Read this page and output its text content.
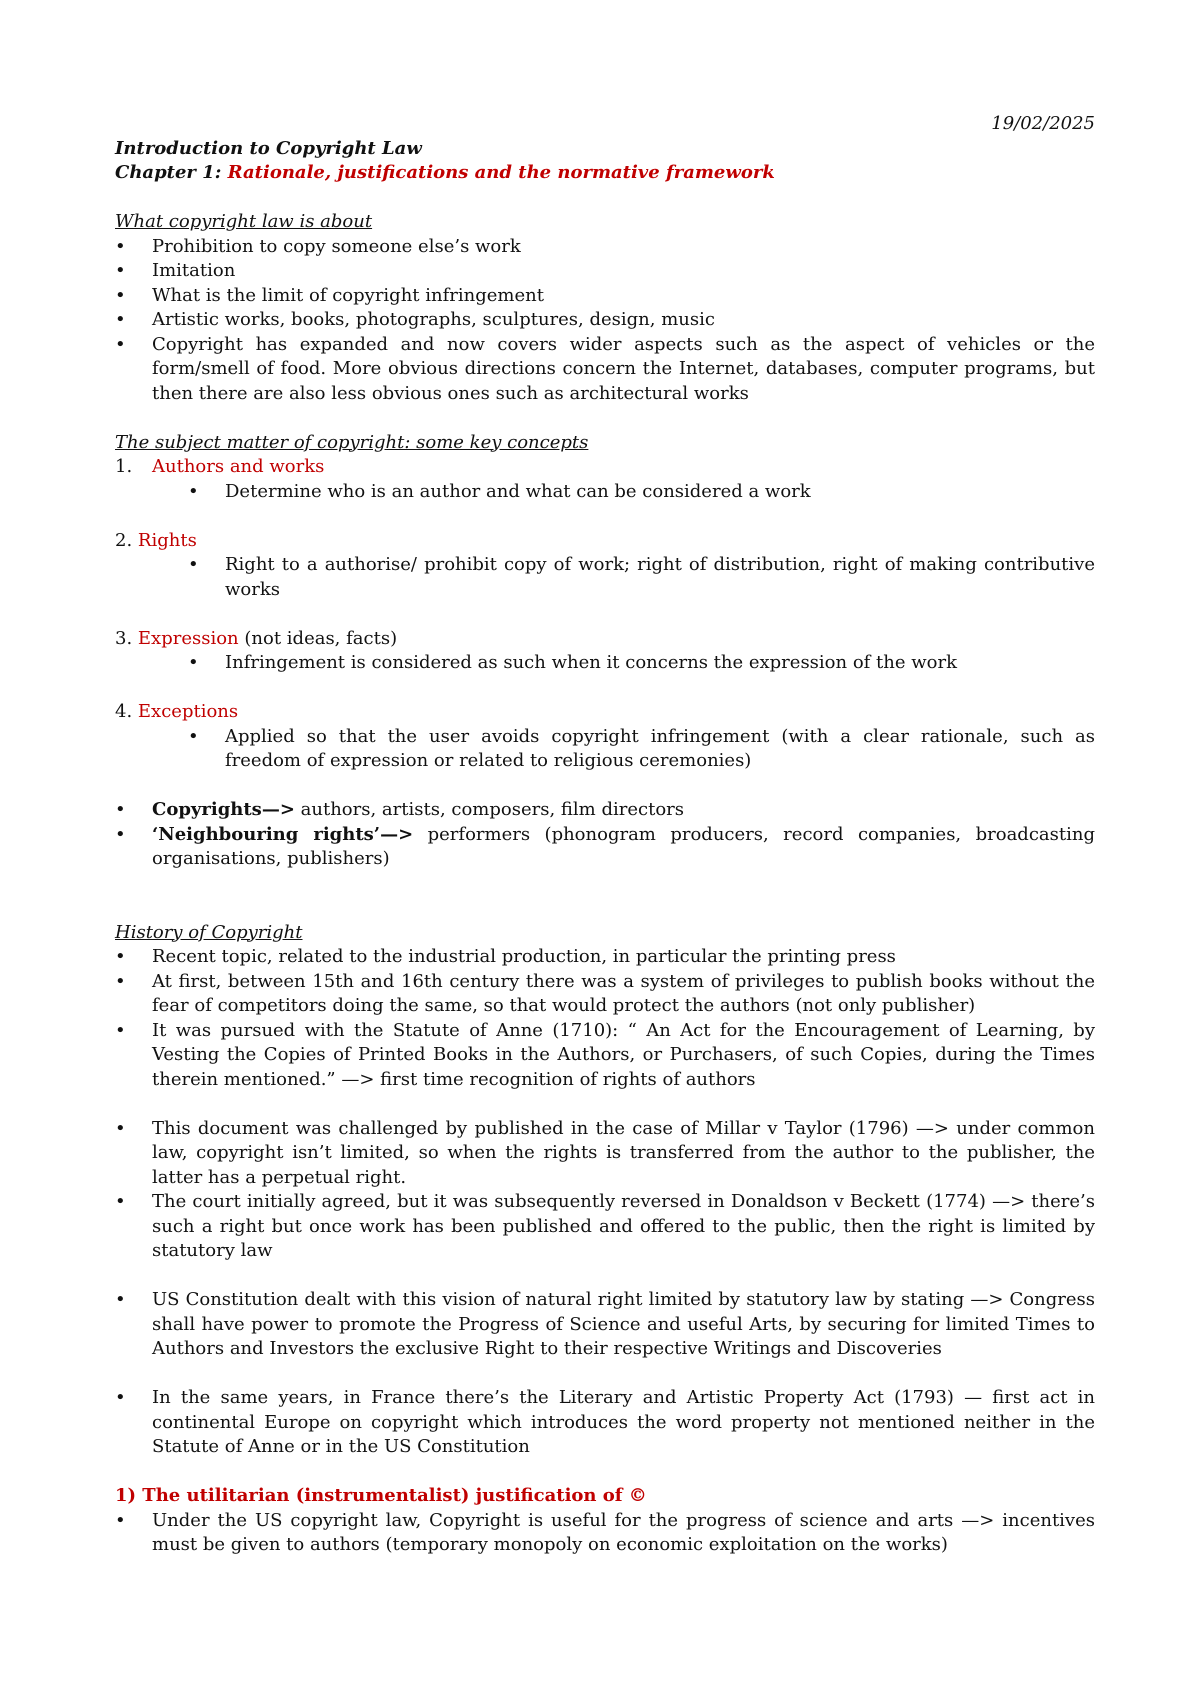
19/02/2025
Introduction to Copyright Law
Chapter 1: Rationale, justifications and the normative framework
What copyright law is about
• Prohibition to copy someone else’s work
• Imitation
• What is the limit of copyright infringement
• Artistic works, books, photographs, sculptures, design, music
• Copyright has expanded and now covers wider aspects such as the aspect of vehicles or the form/smell of food. More obvious directions concern the Internet, databases, computer programs, but then there are also less obvious ones such as architectural works
The subject matter of copyright: some key concepts
1. Authors and works
• Determine who is an author and what can be considered a work
2. Rights
• Right to a authorise/ prohibit copy of work; right of distribution, right of making contributive works
3. Expression (not ideas, facts)
• Infringement is considered as such when it concerns the expression of the work
4. Exceptions
• Applied so that the user avoids copyright infringement (with a clear rationale, such as freedom of expression or related to religious ceremonies)
• Copyrights—> authors, artists, composers, film directors
• ‘Neighbouring rights’—> performers (phonogram producers, record companies, broadcasting organisations, publishers)
History of Copyright
• Recent topic, related to the industrial production, in particular the printing press
• At first, between 15th and 16th century there was a system of privileges to publish books without the fear of competitors doing the same, so that would protect the authors (not only publisher)
• It was pursued with the Statute of Anne (1710): “ An Act for the Encouragement of Learning, by Vesting the Copies of Printed Books in the Authors, or Purchasers, of such Copies, during the Times therein mentioned.” —> first time recognition of rights of authors
• This document was challenged by published in the case of Millar v Taylor (1796) —> under common law, copyright isn’t limited, so when the rights is transferred from the author to the publisher, the latter has a perpetual right.
• The court initially agreed, but it was subsequently reversed in Donaldson v Beckett (1774) —> there’s such a right but once work has been published and offered to the public, then the right is limited by statutory law
• US Constitution dealt with this vision of natural right limited by statutory law by stating —> Congress shall have power to promote the Progress of Science and useful Arts, by securing for limited Times to Authors and Investors the exclusive Right to their respective Writings and Discoveries
• In the same years, in France there’s the Literary and Artistic Property Act (1793) — first act in continental Europe on copyright which introduces the word property not mentioned neither in the Statute of Anne or in the US Constitution
1) The utilitarian (instrumentalist) justification of ©
• Under the US copyright law, Copyright is useful for the progress of science and arts —> incentives must be given to authors (temporary monopoly on economic exploitation on the works)
